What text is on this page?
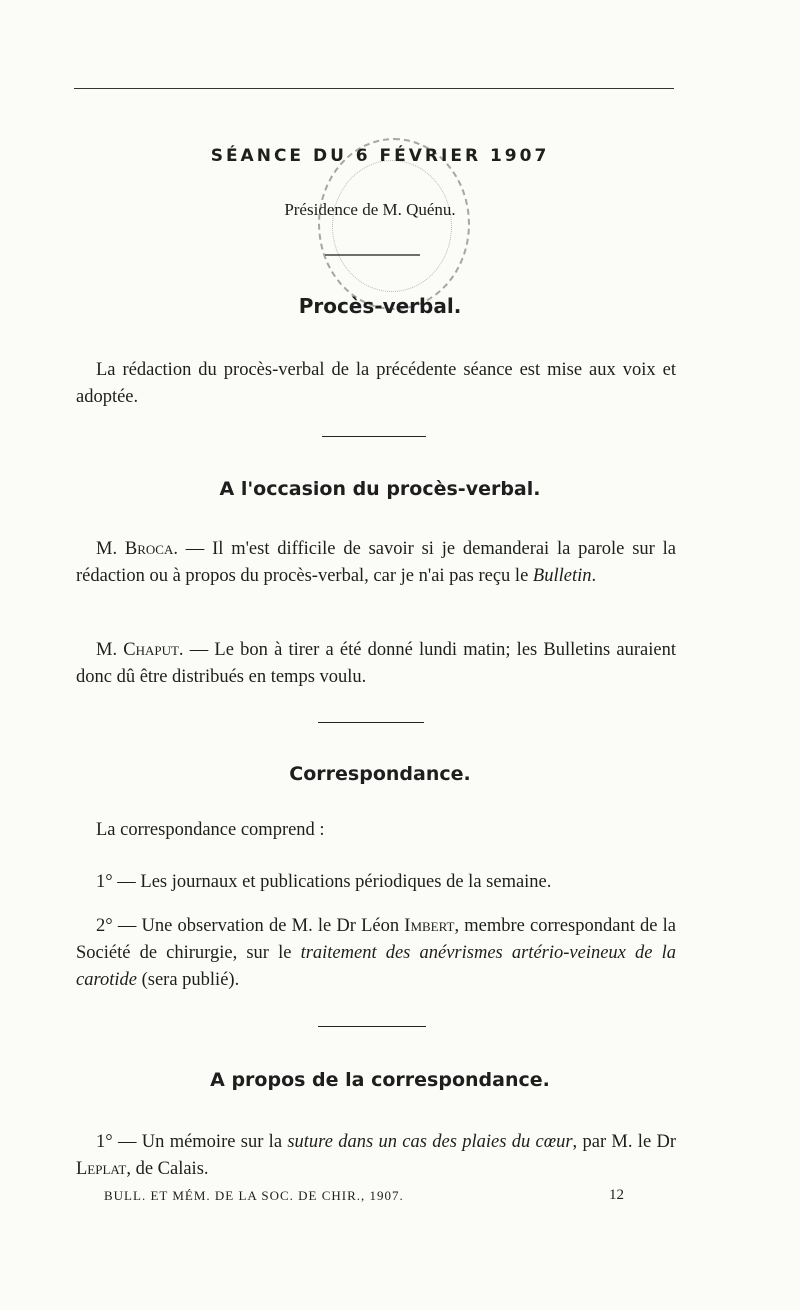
SÉANCE DU 6 FÉVRIER 1907
Présidence de M. Quénu.
Procès-verbal.
La rédaction du procès-verbal de la précédente séance est mise aux voix et adoptée.
A l'occasion du procès-verbal.
M. Broca. — Il m'est difficile de savoir si je demanderai la parole sur la rédaction ou à propos du procès-verbal, car je n'ai pas reçu le Bulletin.
M. Chaput. — Le bon à tirer a été donné lundi matin; les Bulletins auraient donc dû être distribués en temps voulu.
Correspondance.
La correspondance comprend :
1° — Les journaux et publications périodiques de la semaine.
2° — Une observation de M. le Dr Léon Imbert, membre correspondant de la Société de chirurgie, sur le traitement des anévrismes artério-veineux de la carotide (sera publié).
A propos de la correspondance.
1° — Un mémoire sur la suture dans un cas des plaies du cœur, par M. le Dr Leplat, de Calais.
BULL. ET MÉM. DE LA SOC. DE CHIR., 1907.	12
